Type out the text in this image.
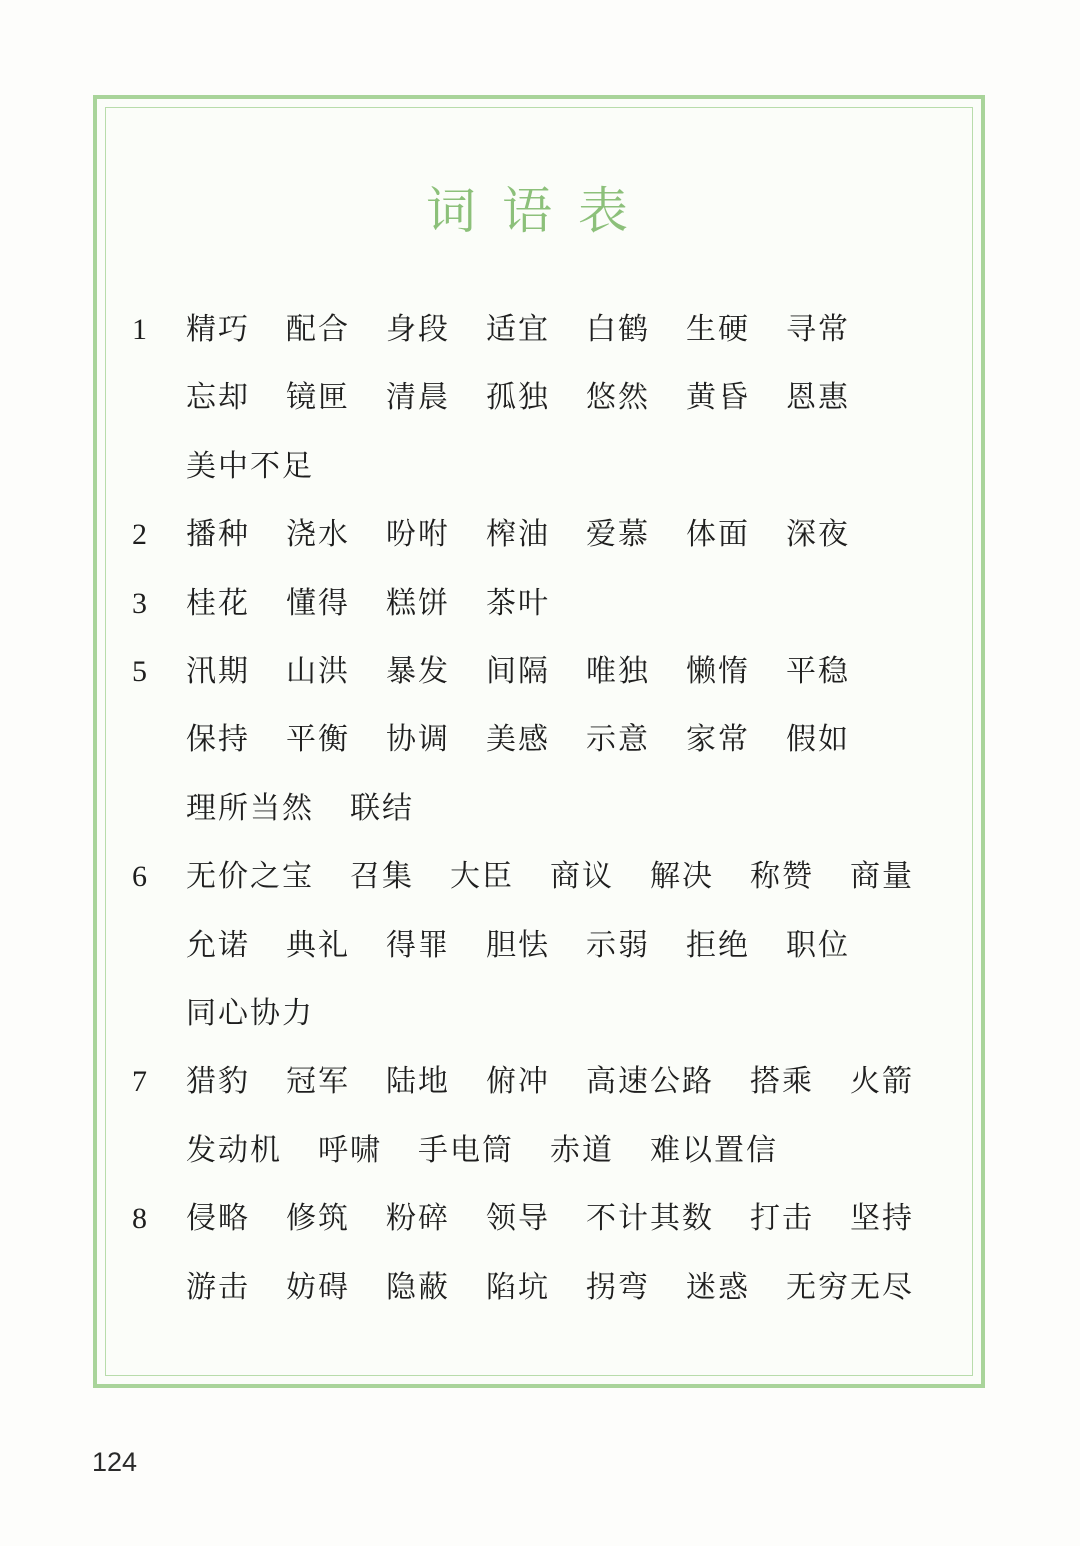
词语表
1 精巧 配合 身段 适宜 白鹤 生硬 寻常
忘却 镜匣 清晨 孤独 悠然 黄昏 恩惠
美中不足
2 播种 浇水 吩咐 榨油 爱慕 体面 深夜
3 桂花 懂得 糕饼 茶叶
5 汛期 山洪 暴发 间隔 唯独 懒惰 平稳
保持 平衡 协调 美感 示意 家常 假如
理所当然 联结
6 无价之宝 召集 大臣 商议 解决 称赞 商量
允诺 典礼 得罪 胆怯 示弱 拒绝 职位
同心协力
7 猎豹 冠军 陆地 俯冲 高速公路 搭乘 火箭
发动机 呼啸 手电筒 赤道 难以置信
8 侵略 修筑 粉碎 领导 不计其数 打击 坚持
游击 妨碍 隐蔽 陷坑 拐弯 迷惑 无穷无尽
124
